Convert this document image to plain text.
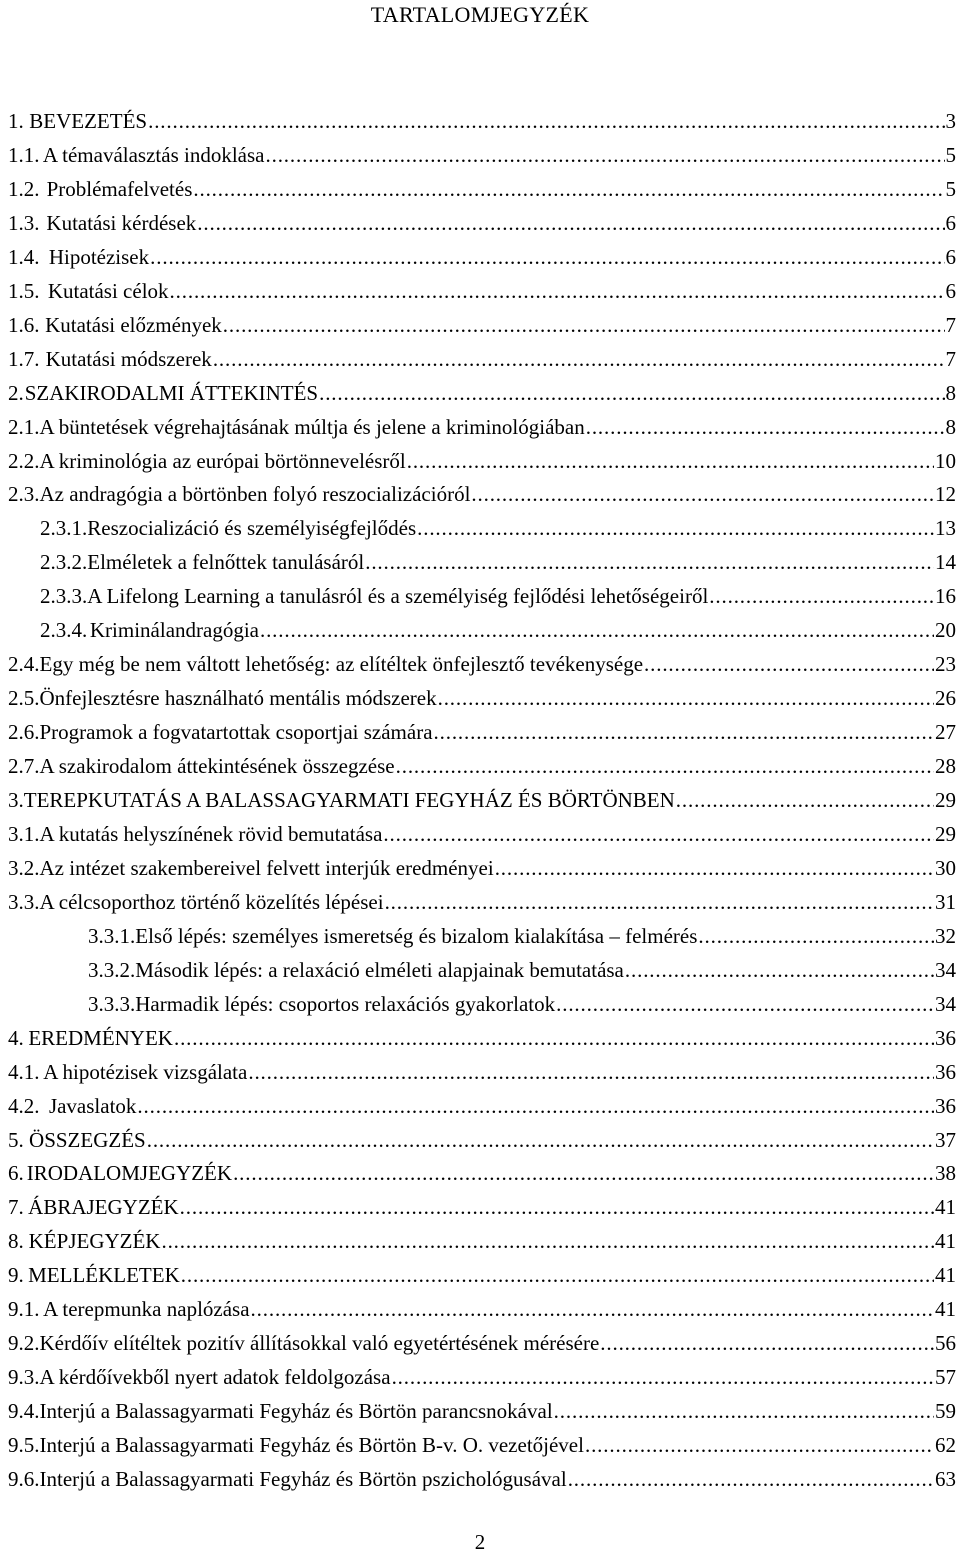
TARTALOMJEGYZÉK
1. BEVEZETÉS . . .	3
1.1. A témaválasztás indoklása . . .	5
1.2. Problémafelvetés . . .	5
1.3. Kutatási kérdések . . .	6
1.4. Hipotézisek . . .	6
1.5. Kutatási célok . . .	6
1.6. Kutatási előzmények . . .	7
1.7. Kutatási módszerek . . .	7
2. SZAKIRODALMI ÁTTEKINTÉS . . .	8
2.1. A büntetések végrehajtásának múltja és jelene a kriminológiában . . .	8
2.2. A kriminológia az európai börtönnevelésről . . .	10
2.3. Az andragógia a börtönben folyó reszocializációról . . .	12
2.3.1. Reszocializáció és személyiségfejlődés . . .	13
2.3.2. Elméletek a felnőttek tanulásáról . . .	14
2.3.3. A Lifelong Learning a tanulásról és a személyiség fejlődési lehetőségeiről . . .	16
2.3.4. Kriminálandragógia . . .	20
2.4. Egy még be nem váltott lehetőség: az elítéltek önfejlesztő tevékenysége . . .	23
2.5. Önfejlesztésre használható mentális módszerek . . .	26
2.6. Programok a fogvatartottak csoportjai számára . . .	27
2.7. A szakirodalom áttekintésének összegzése . . .	28
3. TEREPKUTATÁS A BALASSAGYARMATI FEGYHÁZ ÉS BÖRTÖNBEN . . .	29
3.1. A kutatás helyszínének rövid bemutatása . . .	29
3.2. Az intézet szakembereivel felvett interjúk eredményei . . .	30
3.3. A célcsoporthoz történő közelítés lépései . . .	31
3.3.1. Első lépés: személyes ismeretség és bizalom kialakítása – felmérés . . .	32
3.3.2. Második lépés: a relaxáció elméleti alapjainak bemutatása . . .	34
3.3.3. Harmadik lépés: csoportos relaxációs gyakorlatok . . .	34
4. EREDMÉNYEK . . .	36
4.1. A hipotézisek vizsgálata . . .	36
4.2. Javaslatok . . .	36
5. ÖSSZEGZÉS . . .	37
6. IRODALOMJEGYZÉK . . .	38
7. ÁBRAJEGYZÉK . . .	41
8. KÉPJEGYZÉK . . .	41
9. MELLÉKLETEK . . .	41
9.1. A terepmunka naplózása . . .	41
9.2. Kérdőív elítéltek pozitív állításokkal való egyetértésének mérésére . . .	56
9.3. A kérdőívekből nyert adatok feldolgozása . . .	57
9.4. Interjú a Balassagyarmati Fegyház és Börtön parancsnokával . . .	59
9.5. Interjú a Balassagyarmati Fegyház és Börtön B-v. O. vezetőjével . . .	62
9.6. Interjú a Balassagyarmati Fegyház és Börtön pszichológusával . . .	63
2
